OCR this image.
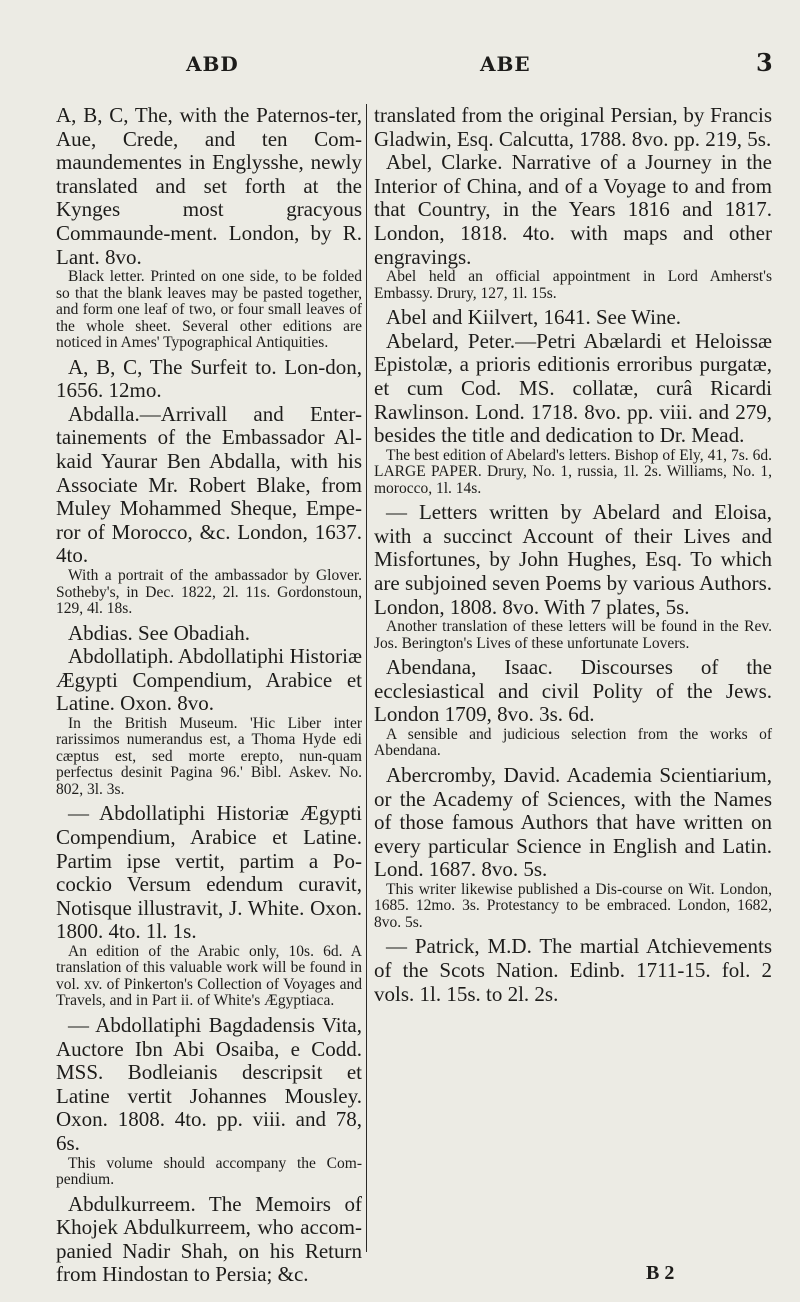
ABD	ABE	3

A, B, C, The, with the Paternos-ter, Aue, Crede, and ten Com-maundementes in Englysshe, newly translated and set forth at the Kynges most gracyous Commaunde-ment. London, by R. Lant. 8vo.

Black letter. Printed on one side, to be folded so that the blank leaves may be pasted together, and form one leaf of two, or four small leaves of the whole sheet. Several other editions are noticed in Ames' Typographical Antiquities.

A, B, C, The Surfeit to. Lon-don, 1656. 12mo.

Abdalla.—Arrivall and Enter-tainements of the Embassador Al-kaid Yaurar Ben Abdalla, with his Associate Mr. Robert Blake, from Muley Mohammed Sheque, Empe-ror of Morocco, &c. London, 1637. 4to.

With a portrait of the ambassador by Glover. Sotheby's, in Dec. 1822, 2l. 11s. Gordonstoun, 129, 4l. 18s.

Abdias. See Obadiah.

Abdollatiph. Abdollatiphi Historiæ Ægypti Compendium, Arabice et Latine. Oxon. 8vo.

In the British Museum. 'Hic Liber inter rarissimos numerandus est, a Thoma Hyde edi cæptus est, sed morte erepto, nun-quam perfectus desinit Pagina 96.' Bibl. Askev. No. 802, 3l. 3s.

— Abdollatiphi Historiæ Ægypti Compendium, Arabice et Latine. Partim ipse vertit, partim a Po-cockio Versum edendum curavit, Notisque illustravit, J. White. Oxon. 1800. 4to. 1l. 1s.

An edition of the Arabic only, 10s. 6d. A translation of this valuable work will be found in vol. xv. of Pinkerton's Collection of Voyages and Travels, and in Part ii. of White's Ægyptiaca.

— Abdollatiphi Bagdadensis Vita, Auctore Ibn Abi Osaiba, e Codd. MSS. Bodleianis descripsit et Latine vertit Johannes Mousley. Oxon. 1808. 4to. pp. viii. and 78, 6s.

This volume should accompany the Com-pendium.

Abdulkurreem. The Memoirs of Khojek Abdulkurreem, who accom-panied Nadir Shah, on his Return from Hindostan to Persia; &c.

translated from the original Persian, by Francis Gladwin, Esq. Calcutta, 1788. 8vo. pp. 219, 5s.

Abel, Clarke. Narrative of a Journey in the Interior of China, and of a Voyage to and from that Country, in the Years 1816 and 1817. London, 1818. 4to. with maps and other engravings.

Abel held an official appointment in Lord Amherst's Embassy. Drury, 127, 1l. 15s.

Abel and Kiilvert, 1641. See Wine.

Abelard, Peter.—Petri Abælardi et Heloissæ Epistolæ, a prioris editionis erroribus purgatæ, et cum Cod. MS. collatæ, curâ Ricardi Rawlinson. Lond. 1718. 8vo. pp. viii. and 279, besides the title and dedication to Dr. Mead.

The best edition of Abelard's letters. Bishop of Ely, 41, 7s. 6d. LARGE PAPER. Drury, No. 1, russia, 1l. 2s. Williams, No. 1, morocco, 1l. 14s.

— Letters written by Abelard and Eloisa, with a succinct Account of their Lives and Misfortunes, by John Hughes, Esq. To which are subjoined seven Poems by various Authors. London, 1808. 8vo. With 7 plates, 5s.

Another translation of these letters will be found in the Rev. Jos. Berington's Lives of these unfortunate Lovers.

Abendana, Isaac. Discourses of the ecclesiastical and civil Polity of the Jews. London 1709, 8vo. 3s. 6d.

A sensible and judicious selection from the works of Abendana.

Abercromby, David. Academia Scientiarium, or the Academy of Sciences, with the Names of those famous Authors that have written on every particular Science in English and Latin. Lond. 1687. 8vo. 5s.

This writer likewise published a Dis-course on Wit. London, 1685. 12mo. 3s. Protestancy to be embraced. London, 1682, 8vo. 5s.

— Patrick, M.D. The martial Atchievements of the Scots Nation. Edinb. 1711-15. fol. 2 vols. 1l. 15s. to 2l. 2s.

B 2
